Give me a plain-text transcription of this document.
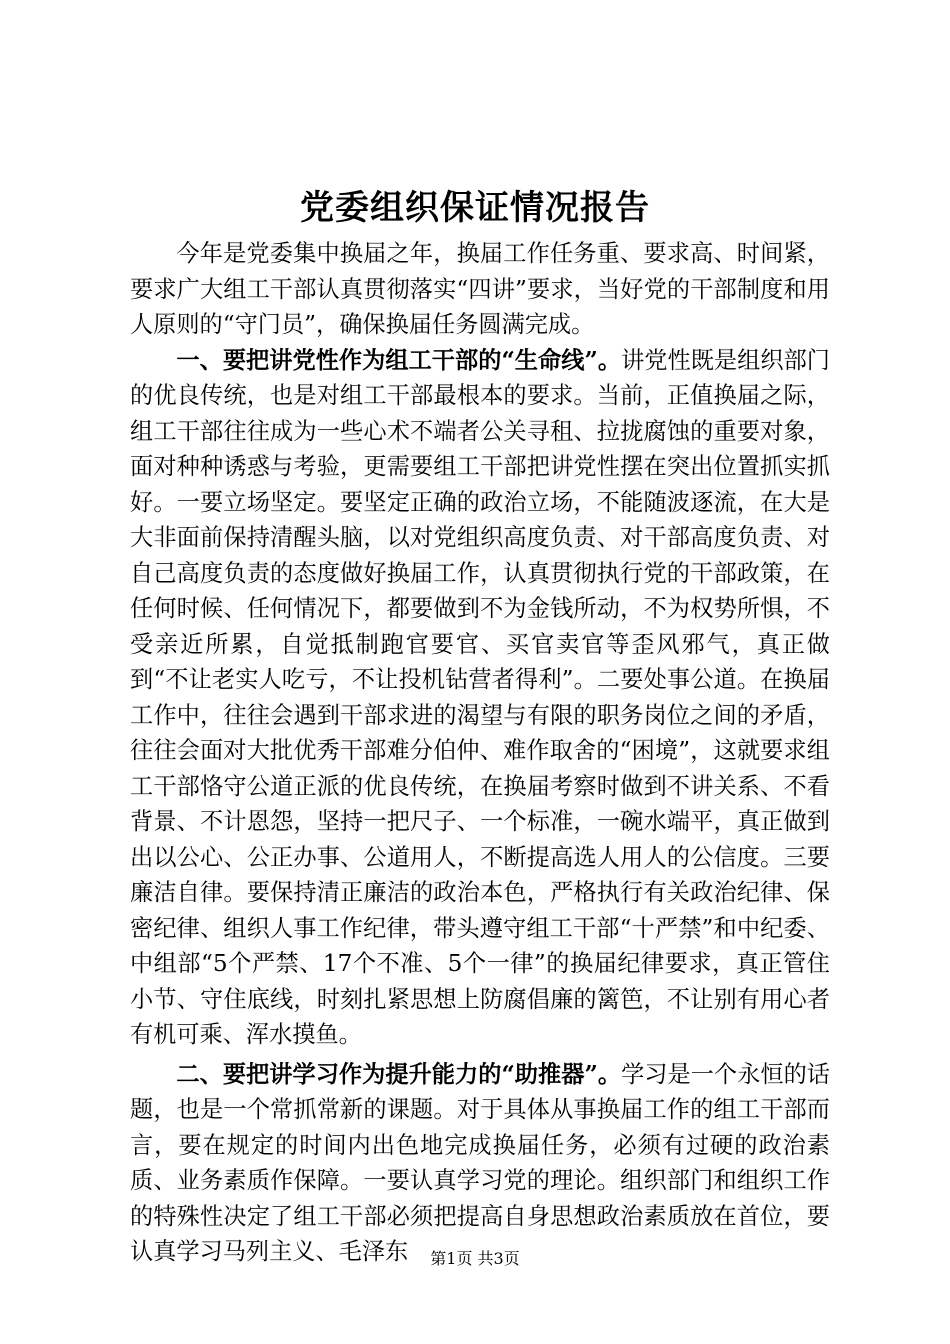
党委组织保证情况报告

今年是党委集中换届之年，换届工作任务重、要求高、时间紧，要求广大组工干部认真贯彻落实“四讲”要求，当好党的干部制度和用人原则的“守门员”，确保换届任务圆满完成。

一、要把讲党性作为组工干部的“生命线”。讲党性既是组织部门的优良传统，也是对组工干部最根本的要求。当前，正值换届之际，组工干部往往成为一些心术不端者公关寻租、拉拢腐蚀的重要对象，面对种种诱惑与考验，更需要组工干部把讲党性摆在突出位置抓实抓好。一要立场坚定。要坚定正确的政治立场，不能随波逐流，在大是大非面前保持清醒头脑，以对党组织高度负责、对干部高度负责、对自己高度负责的态度做好换届工作，认真贯彻执行党的干部政策，在任何时候、任何情况下，都要做到不为金钱所动，不为权势所惧，不受亲近所累，自觉抵制跑官要官、买官卖官等歪风邪气，真正做到“不让老实人吃亏，不让投机钻营者得利”。二要处事公道。在换届工作中，往往会遇到干部求进的渴望与有限的职务岗位之间的矛盾，往往会面对大批优秀干部难分伯仲、难作取舍的“困境”，这就要求组工干部恪守公道正派的优良传统，在换届考察时做到不讲关系、不看背景、不计恩怨，坚持一把尺子、一个标准，一碗水端平，真正做到出以公心、公正办事、公道用人，不断提高选人用人的公信度。三要廉洁自律。要保持清正廉洁的政治本色，严格执行有关政治纪律、保密纪律、组织人事工作纪律，带头遵守组工干部“十严禁”和中纪委、中组部“5个严禁、17个不准、5个一律”的换届纪律要求，真正管住小节、守住底线，时刻扎紧思想上防腐倡廉的篱笆，不让别有用心者有机可乘、浑水摸鱼。

二、要把讲学习作为提升能力的“助推器”。学习是一个永恒的话题，也是一个常抓常新的课题。对于具体从事换届工作的组工干部而言，要在规定的时间内出色地完成换届任务，必须有过硬的政治素质、业务素质作保障。一要认真学习党的理论。组织部门和组织工作的特殊性决定了组工干部必须把提高自身思想政治素质放在首位，要认真学习马列主义、毛泽东	第1页 共3页
